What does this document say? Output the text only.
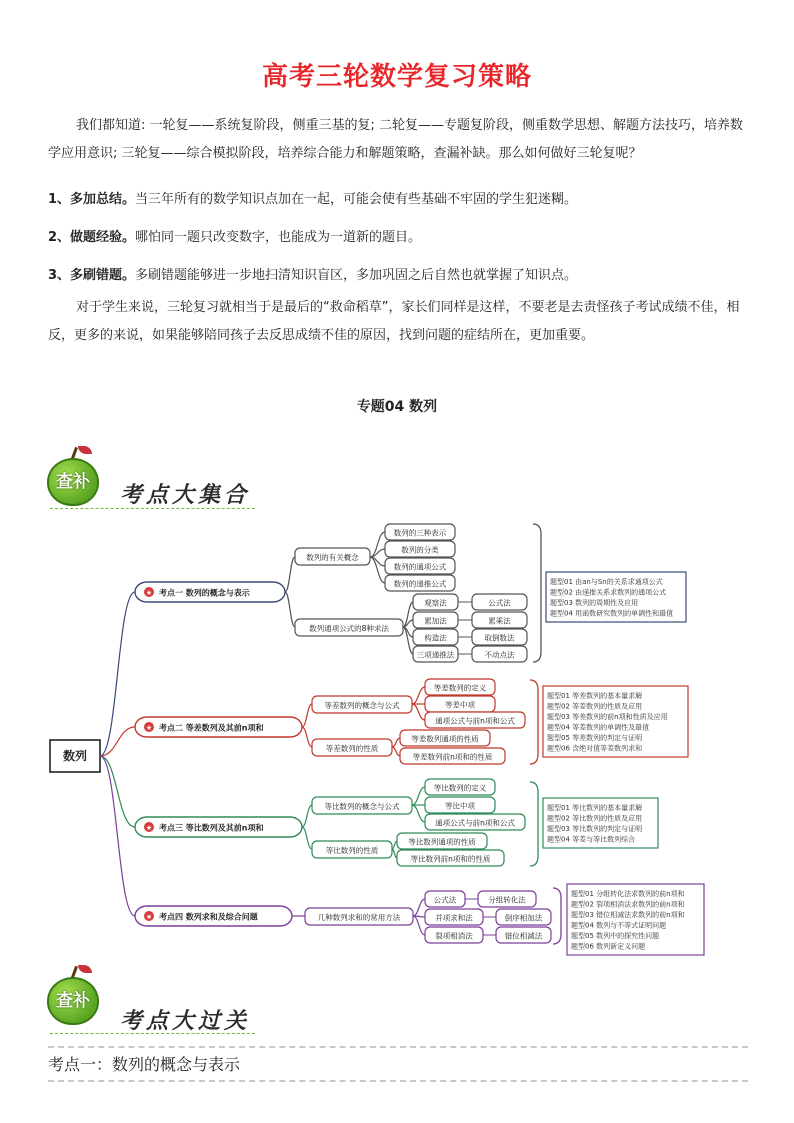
高考三轮数学复习策略
我们都知道: 一轮复——系统复阶段，侧重三基的复; 二轮复——专题复阶段，侧重数学思想、解题方法技巧，培养数学应用意识; 三轮复——综合模拟阶段，培养综合能力和解题策略，查漏补缺。那么如何做好三轮复呢？
1、多加总结。当三年所有的数学知识点加在一起，可能会使有些基础不牢固的学生犯迷糊。
2、做题经验。哪怕同一题只改变数字，也能成为一道新的题目。
3、多刷错题。多刷错题能够进一步地扫清知识盲区，多加巩固之后自然也就掌握了知识点。
对于学生来说，三轮复习就相当于是最后的“救命稻草”，家长们同样是这样，不要老是去责怪孩子考试成绩不佳，相反，更多的来说，如果能够陪同孩子去反思成绩不佳的原因，找到问题的症结所在，更加重要。
专题04 数列
查补
考点大集合
数列
★ 考点一 数列的概念与表示
数列的有关概念
数列通项公式的8种求法
数列的三种表示
数列的分类
数列的通项公式
数列的递推公式
观察法	公式法
累加法	累乘法
构造法	取倒数法
三项递推法	不动点法
题型01 由an与Sn的关系求通项公式
题型02 由递推关系求数列的通项公式
题型03 数列的周期性及应用
题型04 用函数研究数列的单调性和最值
★ 考点二 等差数列及其前n项和
等差数列的概念与公式
等差数列的性质
等差数列的定义
等差中项
通项公式与前n项和公式
等差数列通项的性质
等差数列前n项和的性质
题型01 等差数列的基本量求解
题型02 等差数列的性质及应用
题型03 等差数列的前n项和性质及应用
题型04 等差数列的单调性及最值
题型05 等差数列的判定与证明
题型06 含绝对值等差数列求和
★ 考点三 等比数列及其前n项和
等比数列的概念与公式
等比数列的性质
等比数列的定义
等比中项
通项公式与前n项和公式
等比数列通项的性质
等比数列前n项和的性质
题型01 等比数列的基本量求解
题型02 等比数列的性质及应用
题型03 等比数列的判定与证明
题型04 等差与等比数列综合
★ 考点四 数列求和及综合问题	几种数列求和的常用方法
公式法	分组转化法
并项求和法	倒序相加法
裂项相消法	错位相减法
题型01 分组转化法求数列的前n项和
题型02 裂项相消法求数列的前n项和
题型03 错位相减法求数列的前n项和
题型04 数列与不等式证明问题
题型05 数列中的探究性问题
题型06 数列新定义问题
查补
考点大过关
考点一：数列的概念与表示
